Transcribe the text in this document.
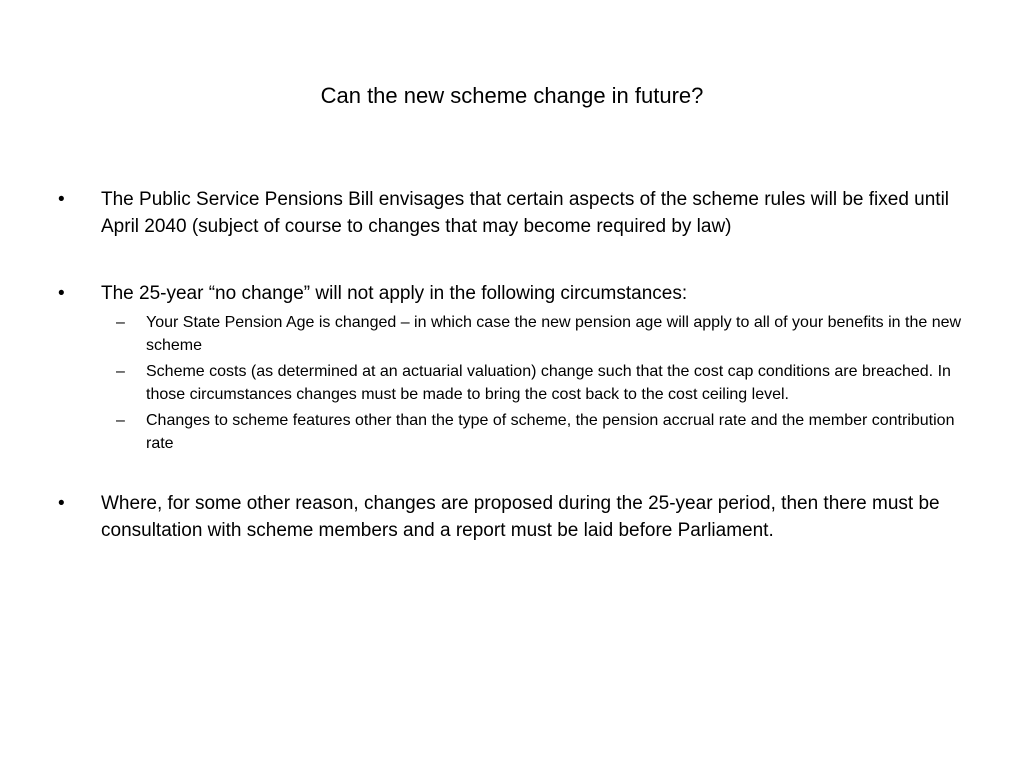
Can the new scheme change in future?
•	The Public Service Pensions Bill envisages that certain aspects of the scheme rules will be fixed until April 2040 (subject of course to changes that may become required by law)
•	The 25-year “no change” will not apply in the following circumstances:
– Your State Pension Age is changed – in which case the new pension age will apply to all of your benefits in the new scheme
– Scheme costs (as determined at an actuarial valuation) change such that the cost cap conditions are breached. In those circumstances changes must be made to bring the cost back to the cost ceiling level.
– Changes to scheme features other than the type of scheme, the pension accrual rate and the member contribution rate
•	Where, for some other reason, changes are proposed during the 25-year period, then there must be consultation with scheme members and a report must be laid before Parliament.
